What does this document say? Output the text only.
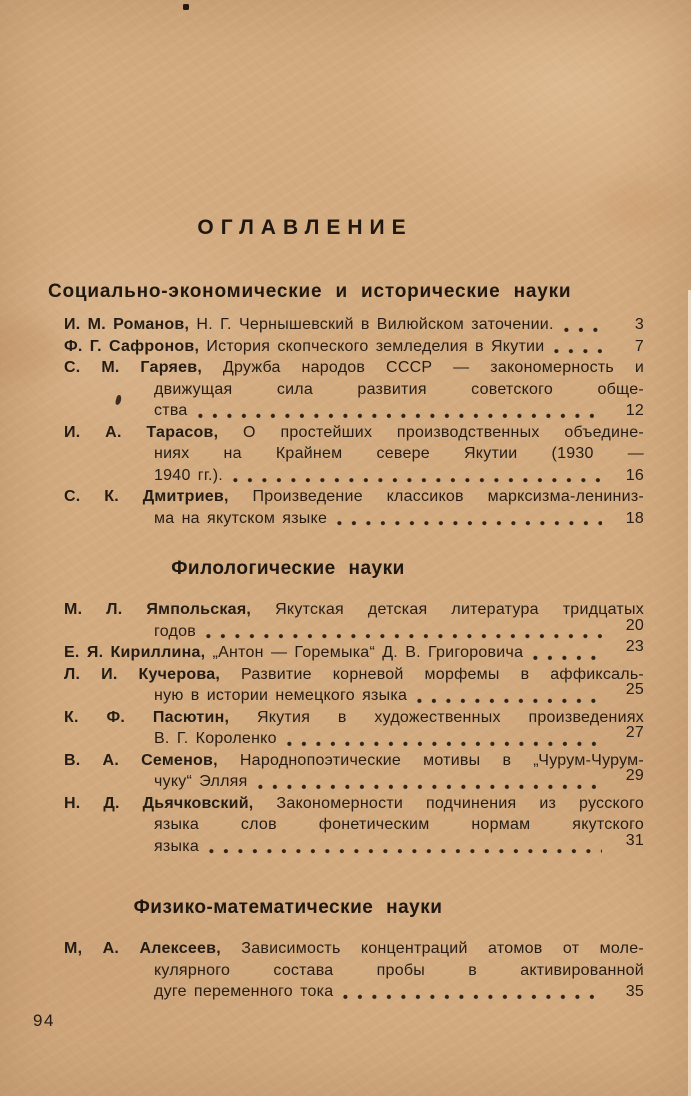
ОГЛАВЛЕНИЕ
Социально-экономические и исторические науки
И. М. Романов,
Н. Г. Чернышевский в Вилюйском заточении.	3
Ф. Г. Сафронов,
История скопческого земледелия в Якутии	7
С. М. Гаряев, Дружба народов СССР — закономерность и
движущая сила развития советского обще-
ства	12
И. А. Тарасов, О простейших производственных объедине-
ниях на Крайнем севере Якутии (1930 —
1940 гг.).	16
С. К. Дмитриев, Произведение классиков марксизма-лениниз-
ма на якутском языке	18
Филологические науки
М. Л. Ямпольская, Якутская детская литература тридцатых
годов	20
Е. Я. Кириллина,
„Антон — Горемыка“ Д. В. Григоровича	23
Л. И. Кучерова, Развитие корневой морфемы в аффиксаль-
ную в истории немецкого языка	25
К. Ф. Пасютин, Якутия в художественных произведениях
В. Г. Короленко	27
В. А. Семенов, Народнопоэтические мотивы в „Чурум-Чурум-
чуку“ Элляя	29
Н. Д. Дьячковский, Закономерности подчинения из русского
языка слов фонетическим нормам якутского
языка	31
Физико-математические науки
М, А. Алексеев, Зависимость концентраций атомов от моле-
кулярного состава пробы в активированной
дуге переменного тока	35
94
